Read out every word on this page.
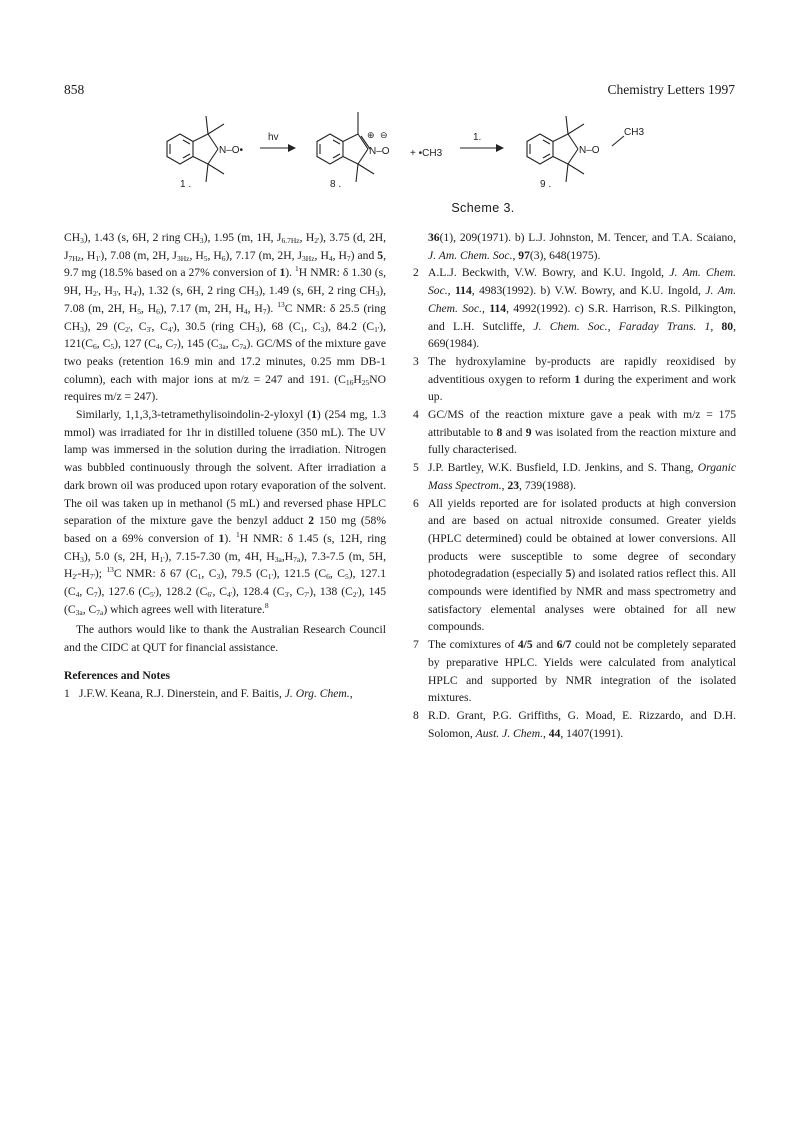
858	Chemistry Letters 1997
N–O•
hv
N–O
⊕ ⊖
+ •CH3
1.
N–O
CH3
1 .	8 .	9 .
Scheme 3.

$CH_3$), 1.43 (s, 6H, 2 ring $CH_3$), 1.95 (m, 1H, $J_{6.7Hz}$, $H_{2'}$), 3.75 (d, 2H, $J_{7Hz}$, $H_{1'}$), 7.08 (m, 2H, $J_{3Hz}$, $H_5$, $H_6$), 7.17 (m, 2H, $J_{3Hz}$, $H_4$, $H_7$) and 5, 9.7 mg (18.5% based on a 27% conversion of 1). $^1$H NMR: δ 1.30 (s, 9H, $H_{2'}$, $H_{3'}$, $H_{4'}$), 1.32 (s, 6H, 2 ring $CH_3$), 1.49 (s, 6H, 2 ring $CH_3$), 7.08 (m, 2H, $H_5$, $H_6$), 7.17 (m, 2H, $H_4$, $H_7$). $^{13}$C NMR: δ 25.5 (ring $CH_3$), 29 ($C_{2'}$, $C_{3'}$, $C_{4'}$), 30.5 (ring $CH_3$), 68 ($C_1$, $C_3$), 84.2 $(C_{1'})$, $121(C_6$, $C_5$), 127 ($C_4$, $C_7$), 145 ($C_{3a}$, $C_{7a}$). GC/MS of the mixture gave two peaks (retention 16.9 min and 17.2 minutes, 0.25 mm DB-1 column), each with major ions at m/z = 247 and 191. ($C_{16}H_{25}NO$ requires m/z = 247).

Similarly, 1,1,3,3-tetramethylisoindolin-2-yloxyl (1) (254 mg, 1.3 mmol) was irradiated for 1hr in distilled toluene (350 mL). The UV lamp was immersed in the solution during the irradiation. Nitrogen was bubbled continuously through the solvent. After irradiation a dark brown oil was produced upon rotary evaporation of the solvent. The oil was taken up in methanol (5 mL) and reversed phase HPLC separation of the mixture gave the benzyl adduct 2 150 mg (58% based on a 69% conversion of 1). $^1$H NMR: δ 1.45 (s, 12H, ring $CH_3$), 5.0 (s, 2H, $H_{1'}$), 7.15-7.30 (m, 4H, $H_{3a},H_{7a}$), 7.3-7.5 (m, 5H, $H_{2'}-H_{7'}$); $^{13}$C NMR: δ 67 ($C_1$, $C_3$), 79.5 $(C_{1'})$, 121.5 ($C_6$, $C_5$), 127.1 ($C_4$, $C_7$), 127.6 $(C_{5'})$, 128.2 ($C_{6'}$, $C_{4'}$), 128.4 ($C_{3'}$, $C_{7'}$), 138 $(C_{2'})$, 145 ($C_{3a}$, $C_{7a}$) which agrees well with literature.$^8$

The authors would like to thank the Australian Research Council and the CIDC at QUT for financial assistance.

References and Notes

1 J.F.W. Keana, R.J. Dinerstein, and F. Baitis, J. Org. Chem.,
36(1), 209(1971). b) L.J. Johnston, M. Tencer, and T.A. Scaiano, J. Am. Chem. Soc., 97(3), 648(1975).
2 A.L.J. Beckwith, V.W. Bowry, and K.U. Ingold, J. Am. Chem. Soc., 114, 4983(1992). b) V.W. Bowry, and K.U. Ingold, J. Am. Chem. Soc., 114, 4992(1992). c) S.R. Harrison, R.S. Pilkington, and L.H. Sutcliffe, J. Chem. Soc., Faraday Trans. 1, 80, 669(1984).
3 The hydroxylamine by-products are rapidly reoxidised by adventitious oxygen to reform 1 during the experiment and work up.
4 GC/MS of the reaction mixture gave a peak with m/z = 175 attributable to 8 and 9 was isolated from the reaction mixture and fully characterised.
5 J.P. Bartley, W.K. Busfield, I.D. Jenkins, and S. Thang, Organic Mass Spectrom., 23, 739(1988).
6 All yields reported are for isolated products at high conversion and are based on actual nitroxide consumed. Greater yields (HPLC determined) could be obtained at lower conversions. All products were susceptible to some degree of secondary photodegradation (especially 5) and isolated ratios reflect this. All compounds were identified by NMR and mass spectrometry and satisfactory elemental analyses were obtained for all new compounds.
7 The comixtures of 4/5 and 6/7 could not be completely separated by preparative HPLC. Yields were calculated from analytical HPLC and supported by NMR integration of the isolated mixtures.
8 R.D. Grant, P.G. Griffiths, G. Moad, E. Rizzardo, and D.H. Solomon, Aust. J. Chem., 44, 1407(1991).
